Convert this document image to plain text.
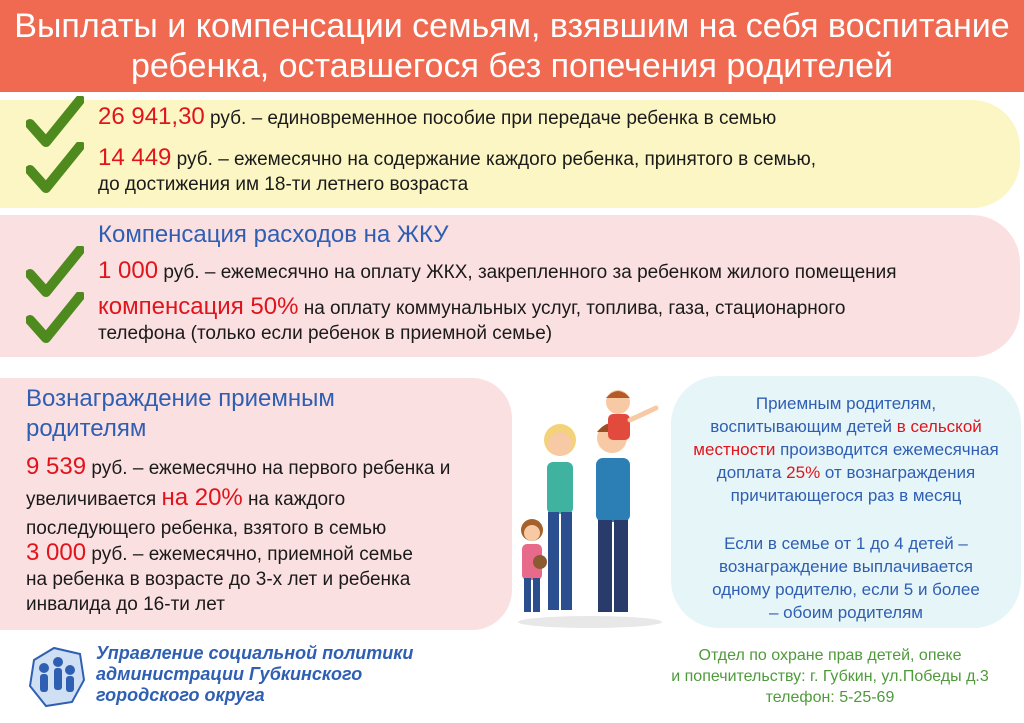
Выплаты и компенсации семьям, взявшим на себя воспитание
ребенка, оставшегося без попечения родителей
26 941,30 руб. – единовременное пособие при передаче ребенка в семью
14 449 руб. – ежемесячно на содержание каждого ребенка, принятого в семью,
до достижения им 18-ти летнего возраста
Компенсация расходов на ЖКУ
1 000 руб. – ежемесячно на оплату ЖКХ, закрепленного за ребенком жилого помещения
компенсация 50% на оплату коммунальных услуг, топлива, газа, стационарного
телефона (только если ребенок в приемной семье)
Вознаграждение приемным
родителям
9 539 руб. – ежемесячно на первого ребенка и
увеличивается на 20% на каждого
последующего ребенка, взятого в семью
3 000 руб. – ежемесячно, приемной семье
на ребенка в возрасте до 3-х лет и ребенка
инвалида до 16-ти лет
Приемным родителям,
воспитывающим детей в сельской
местности производится ежемесячная
доплата 25% от вознаграждения
причитающегося раз в месяц
Если в семье от 1 до 4 детей –
вознаграждение выплачивается
одному родителю, если 5 и более
– обоим родителям
Управление социальной политики
администрации Губкинского
городского округа
Отдел по охране прав детей, опеке
и попечительству: г. Губкин, ул.Победы д.3
телефон: 5-25-69
